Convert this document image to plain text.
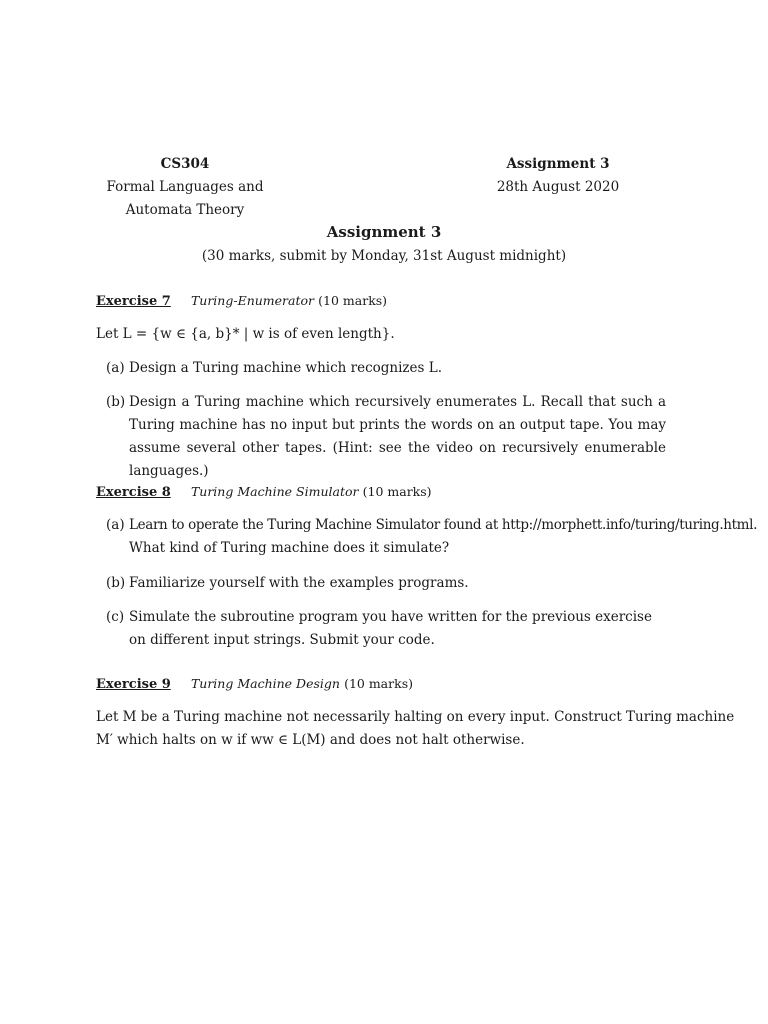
CS304
Formal Languages and
Automata Theory
Assignment 3
28th August 2020
Assignment 3
(30 marks, submit by Monday, 31st August midnight)
Exercise 7 Turing-Enumerator (10 marks)
Let L = {w ∈ {a, b}* | w is of even length}.
(a) Design a Turing machine which recognizes L.
(b) Design a Turing machine which recursively enumerates L. Recall that such a Turing machine has no input but prints the words on an output tape. You may assume several other tapes. (Hint: see the video on recursively enumerable languages.)
Exercise 8 Turing Machine Simulator (10 marks)
(a) Learn to operate the Turing Machine Simulator found at http://morphett.info/turing/turing.html.
What kind of Turing machine does it simulate?
(b) Familiarize yourself with the examples programs.
(c) Simulate the subroutine program you have written for the previous exercise on different input strings. Submit your code.
Exercise 9 Turing Machine Design (10 marks)
Let M be a Turing machine not necessarily halting on every input. Construct Turing machine
M′ which halts on w if ww ∈ L(M) and does not halt otherwise.
